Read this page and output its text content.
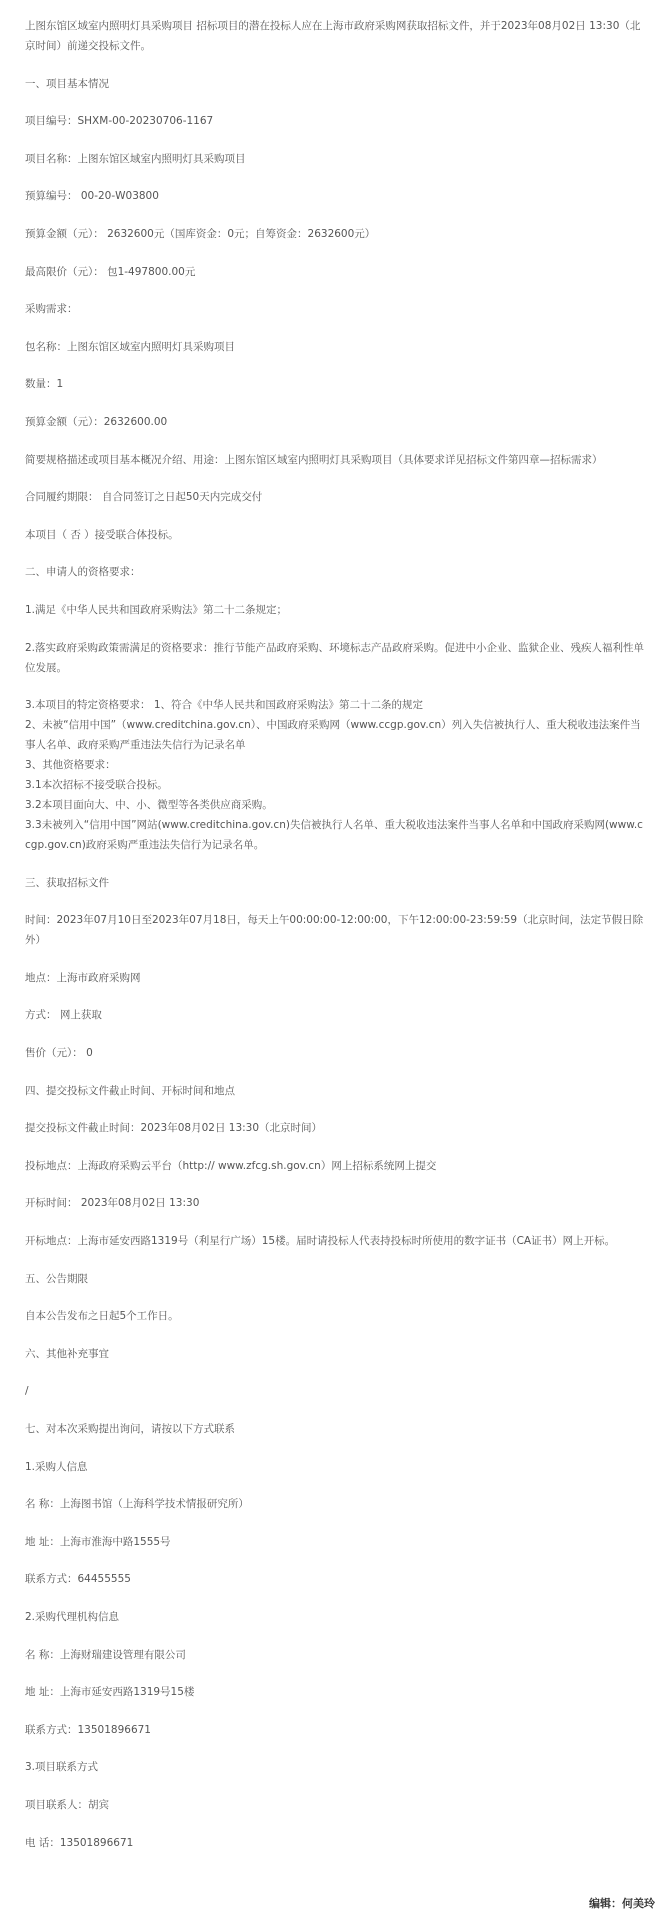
上图东馆区域室内照明灯具采购项目 招标项目的潜在投标人应在上海市政府采购网获取招标文件，并于2023年08月02日 13:30（北京时间）前递交投标文件。

一、项目基本情况

项目编号：SHXM-00-20230706-1167

项目名称：上图东馆区域室内照明灯具采购项目

预算编号： 00-20-W03800

预算金额（元）： 2632600元（国库资金：0元；自筹资金：2632600元）

最高限价（元）： 包1-497800.00元

采购需求：

包名称：上图东馆区域室内照明灯具采购项目

数量：1

预算金额（元）：2632600.00

简要规格描述或项目基本概况介绍、用途：上图东馆区域室内照明灯具采购项目（具体要求详见招标文件第四章—招标需求）

合同履约期限： 自合同签订之日起50天内完成交付

本项目（ 否 ）接受联合体投标。

二、申请人的资格要求：

1.满足《中华人民共和国政府采购法》第二十二条规定；

2.落实政府采购政策需满足的资格要求：推行节能产品政府采购、环境标志产品政府采购。促进中小企业、监狱企业、残疾人福利性单位发展。

3.本项目的特定资格要求： 1、符合《中华人民共和国政府采购法》第二十二条的规定

2、未被“信用中国”（www.creditchina.gov.cn）、中国政府采购网（www.ccgp.gov.cn）列入失信被执行人、重大税收违法案件当事人名单、政府采购严重违法失信行为记录名单

3、其他资格要求：

3.1本次招标不接受联合投标。

3.2本项目面向大、中、小、微型等各类供应商采购。

3.3未被列入“信用中国”网站(www.creditchina.gov.cn)失信被执行人名单、重大税收违法案件当事人名单和中国政府采购网(www.ccgp.gov.cn)政府采购严重违法失信行为记录名单。

三、获取招标文件

时间：2023年07月10日至2023年07月18日，每天上午00:00:00-12:00:00，下午12:00:00-23:59:59（北京时间，法定节假日除外）

地点：上海市政府采购网

方式： 网上获取

售价（元）： 0

四、提交投标文件截止时间、开标时间和地点

提交投标文件截止时间：2023年08月02日 13:30（北京时间）

投标地点：上海政府采购云平台（http:// www.zfcg.sh.gov.cn）网上招标系统网上提交

开标时间： 2023年08月02日 13:30

开标地点：上海市延安西路1319号（利星行广场）15楼。届时请投标人代表持投标时所使用的数字证书（CA证书）网上开标。

五、公告期限

自本公告发布之日起5个工作日。

六、其他补充事宜

/

七、对本次采购提出询问，请按以下方式联系

1.采购人信息

名 称：上海图书馆（上海科学技术情报研究所）

地 址：上海市淮海中路1555号

联系方式：64455555

2.采购代理机构信息

名 称：上海财瑞建设管理有限公司

地 址：上海市延安西路1319号15楼

联系方式：13501896671

3.项目联系方式

项目联系人：胡宾

电 话：13501896671

编辑：何美玲
